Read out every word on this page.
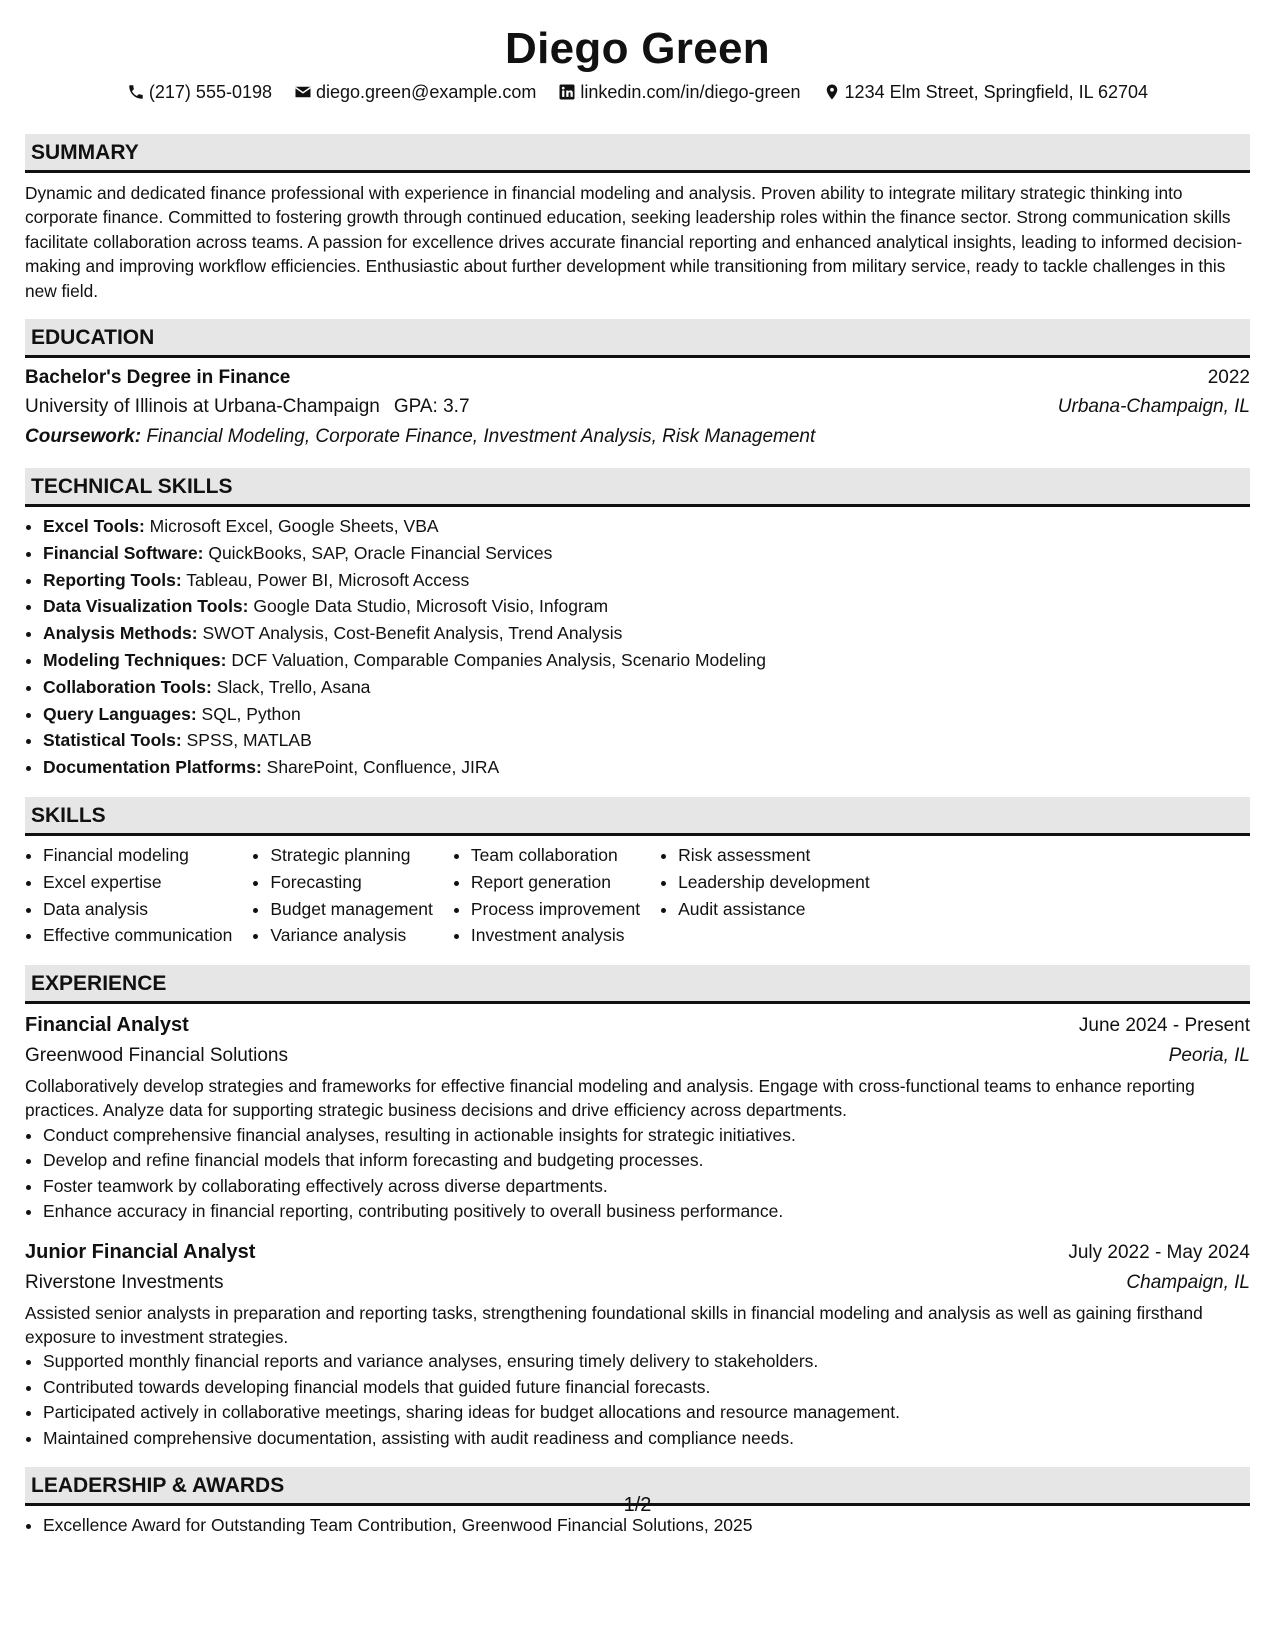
Diego Green
(217) 555-0198 diego.green@example.com linkedin.com/in/diego-green 1234 Elm Street, Springfield, IL 62704
SUMMARY

Dynamic and dedicated finance professional with experience in financial modeling and analysis. Proven ability to integrate military strategic thinking into corporate finance. Committed to fostering growth through continued education, seeking leadership roles within the finance sector. Strong communication skills facilitate collaboration across teams. A passion for excellence drives accurate financial reporting and enhanced analytical insights, leading to informed decision-making and improving workflow efficiencies. Enthusiastic about further development while transitioning from military service, ready to tackle challenges in this new field.

EDUCATION
Bachelor's Degree in Finance	2022
University of Illinois at Urbana-Champaign GPA: 3.7	Urbana-Champaign, IL
Coursework: Financial Modeling, Corporate Finance, Investment Analysis, Risk Management
TECHNICAL SKILLS
• Excel Tools: Microsoft Excel, Google Sheets, VBA
• Financial Software: QuickBooks, SAP, Oracle Financial Services
• Reporting Tools: Tableau, Power BI, Microsoft Access
• Data Visualization Tools: Google Data Studio, Microsoft Visio, Infogram
• Analysis Methods: SWOT Analysis, Cost-Benefit Analysis, Trend Analysis
• Modeling Techniques: DCF Valuation, Comparable Companies Analysis, Scenario Modeling
• Collaboration Tools: Slack, Trello, Asana
• Query Languages: SQL, Python
• Statistical Tools: SPSS, MATLAB
• Documentation Platforms: SharePoint, Confluence, JIRA
SKILLS
• Financial modeling
• Excel expertise
• Data analysis
• Effective communication
• Strategic planning
• Forecasting
• Budget management
• Variance analysis
• Team collaboration
• Report generation
• Process improvement
• Investment analysis
• Risk assessment
• Leadership development
• Audit assistance
EXPERIENCE
Financial Analyst	June 2024 - Present
Greenwood Financial Solutions	Peoria, IL

Collaboratively develop strategies and frameworks for effective financial modeling and analysis. Engage with cross-functional teams to enhance reporting practices. Analyze data for supporting strategic business decisions and drive efficiency across departments.

• Conduct comprehensive financial analyses, resulting in actionable insights for strategic initiatives.
• Develop and refine financial models that inform forecasting and budgeting processes.
• Foster teamwork by collaborating effectively across diverse departments.
• Enhance accuracy in financial reporting, contributing positively to overall business performance.
Junior Financial Analyst	July 2022 - May 2024
Riverstone Investments	Champaign, IL

Assisted senior analysts in preparation and reporting tasks, strengthening foundational skills in financial modeling and analysis as well as gaining firsthand exposure to investment strategies.

• Supported monthly financial reports and variance analyses, ensuring timely delivery to stakeholders.
• Contributed towards developing financial models that guided future financial forecasts.
• Participated actively in collaborative meetings, sharing ideas for budget allocations and resource management.
• Maintained comprehensive documentation, assisting with audit readiness and compliance needs.
LEADERSHIP & AWARDS
• Excellence Award for Outstanding Team Contribution, Greenwood Financial Solutions, 2025
1/2
